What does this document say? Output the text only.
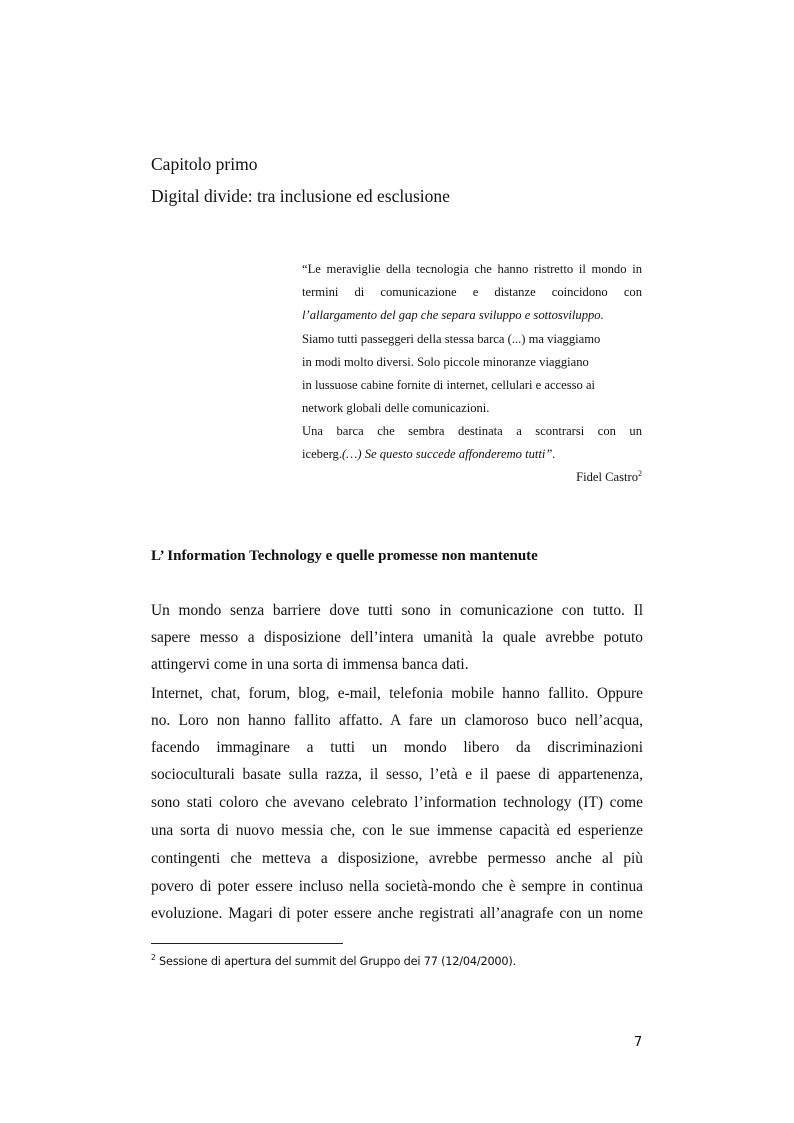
Capitolo primo
Digital divide: tra inclusione ed esclusione
“Le meraviglie della tecnologia che hanno ristretto il mondo in
termini di comunicazione e distanze coincidono con
l’allargamento del gap che separa sviluppo e sottosviluppo.
Siamo tutti passeggeri della stessa barca (...) ma viaggiamo
in modi molto diversi. Solo piccole minoranze viaggiano
in lussuose cabine fornite di internet, cellulari e accesso ai
network globali delle comunicazioni.
Una barca che sembra destinata a scontrarsi con un
iceberg.(…) Se questo succede affonderemo tutti”.
Fidel Castro$^2$
L’ Information Technology e quelle promesse non mantenute
Un mondo senza barriere dove tutti sono in comunicazione con tutto. Il
sapere messo a disposizione dell’intera umanità la quale avrebbe potuto
attingervi come in una sorta di immensa banca dati.
Internet, chat, forum, blog, e-mail, telefonia mobile hanno fallito. Oppure
no. Loro non hanno fallito affatto. A fare un clamoroso buco nell’acqua,
facendo immaginare a tutti un mondo libero da discriminazioni
socioculturali basate sulla razza, il sesso, l’età e il paese di appartenenza,
sono stati coloro che avevano celebrato l’information technology (IT) come
una sorta di nuovo messia che, con le sue immense capacità ed esperienze
contingenti che metteva a disposizione, avrebbe permesso anche al più
povero di poter essere incluso nella società-mondo che è sempre in continua
evoluzione. Magari di poter essere anche registrati all’anagrafe con un nome
$^2$ Sessione di apertura del summit del Gruppo dei 77 (12/04/2000).
7
